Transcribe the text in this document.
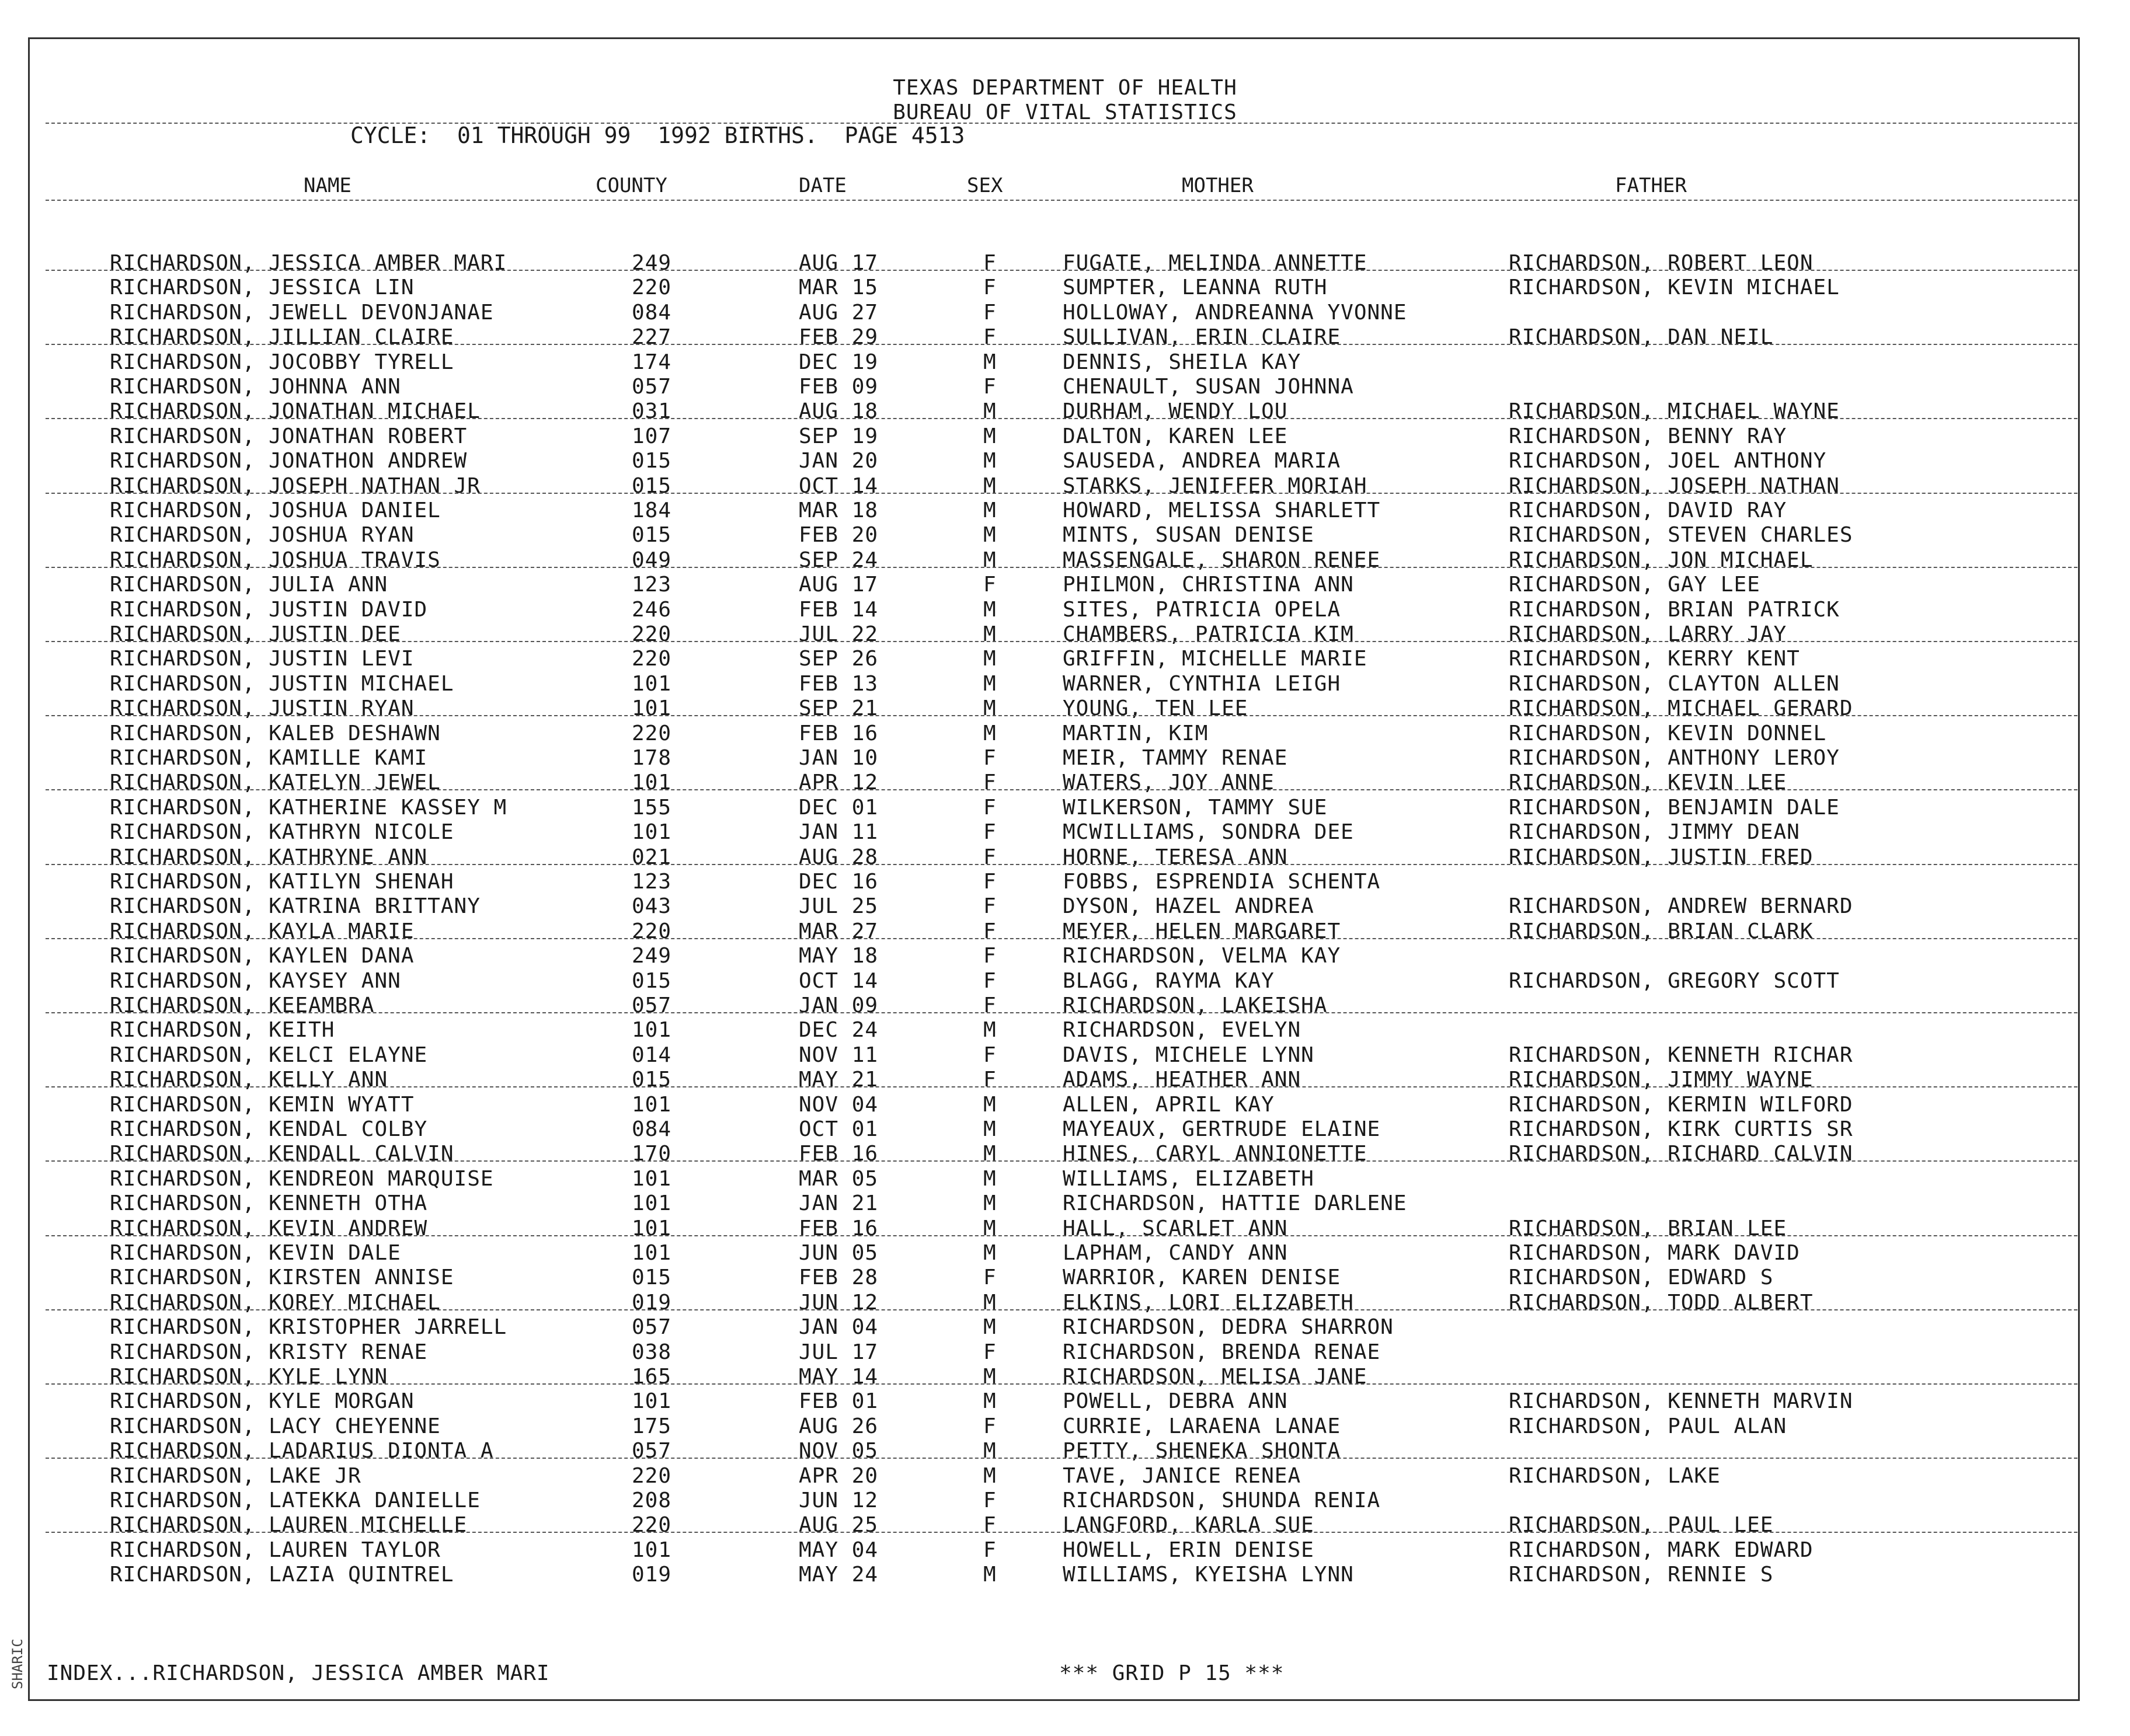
SHARIC
TEXAS DEPARTMENT OF HEALTH
BUREAU OF VITAL STATISTICS
CYCLE:  01 THROUGH 99  1992 BIRTHS.  PAGE 4513
NAME	COUNTY	DATE	SEX	MOTHER	FATHER
RICHARDSON, JESSICA AMBER MARI	249	AUG 17	F	FUGATE, MELINDA ANNETTE	RICHARDSON, ROBERT LEON
RICHARDSON, JESSICA LIN	220	MAR 15	F	SUMPTER, LEANNA RUTH	RICHARDSON, KEVIN MICHAEL
RICHARDSON, JEWELL DEVONJANAE	084	AUG 27	F	HOLLOWAY, ANDREANNA YVONNE
RICHARDSON, JILLIAN CLAIRE	227	FEB 29	F	SULLIVAN, ERIN CLAIRE	RICHARDSON, DAN NEIL
RICHARDSON, JOCOBBY TYRELL	174	DEC 19	M	DENNIS, SHEILA KAY
RICHARDSON, JOHNNA ANN	057	FEB 09	F	CHENAULT, SUSAN JOHNNA
RICHARDSON, JONATHAN MICHAEL	031	AUG 18	M	DURHAM, WENDY LOU	RICHARDSON, MICHAEL WAYNE
RICHARDSON, JONATHAN ROBERT	107	SEP 19	M	DALTON, KAREN LEE	RICHARDSON, BENNY RAY
RICHARDSON, JONATHON ANDREW	015	JAN 20	M	SAUSEDA, ANDREA MARIA	RICHARDSON, JOEL ANTHONY
RICHARDSON, JOSEPH NATHAN JR	015	OCT 14	M	STARKS, JENIFFER MORIAH	RICHARDSON, JOSEPH NATHAN
RICHARDSON, JOSHUA DANIEL	184	MAR 18	M	HOWARD, MELISSA SHARLETT	RICHARDSON, DAVID RAY
RICHARDSON, JOSHUA RYAN	015	FEB 20	M	MINTS, SUSAN DENISE	RICHARDSON, STEVEN CHARLES
RICHARDSON, JOSHUA TRAVIS	049	SEP 24	M	MASSENGALE, SHARON RENEE	RICHARDSON, JON MICHAEL
RICHARDSON, JULIA ANN	123	AUG 17	F	PHILMON, CHRISTINA ANN	RICHARDSON, GAY LEE
RICHARDSON, JUSTIN DAVID	246	FEB 14	M	SITES, PATRICIA OPELA	RICHARDSON, BRIAN PATRICK
RICHARDSON, JUSTIN DEE	220	JUL 22	M	CHAMBERS, PATRICIA KIM	RICHARDSON, LARRY JAY
RICHARDSON, JUSTIN LEVI	220	SEP 26	M	GRIFFIN, MICHELLE MARIE	RICHARDSON, KERRY KENT
RICHARDSON, JUSTIN MICHAEL	101	FEB 13	M	WARNER, CYNTHIA LEIGH	RICHARDSON, CLAYTON ALLEN
RICHARDSON, JUSTIN RYAN	101	SEP 21	M	YOUNG, TEN LEE	RICHARDSON, MICHAEL GERARD
RICHARDSON, KALEB DESHAWN	220	FEB 16	M	MARTIN, KIM	RICHARDSON, KEVIN DONNEL
RICHARDSON, KAMILLE KAMI	178	JAN 10	F	MEIR, TAMMY RENAE	RICHARDSON, ANTHONY LEROY
RICHARDSON, KATELYN JEWEL	101	APR 12	F	WATERS, JOY ANNE	RICHARDSON, KEVIN LEE
RICHARDSON, KATHERINE KASSEY M	155	DEC 01	F	WILKERSON, TAMMY SUE	RICHARDSON, BENJAMIN DALE
RICHARDSON, KATHRYN NICOLE	101	JAN 11	F	MCWILLIAMS, SONDRA DEE	RICHARDSON, JIMMY DEAN
RICHARDSON, KATHRYNE ANN	021	AUG 28	F	HORNE, TERESA ANN	RICHARDSON, JUSTIN FRED
RICHARDSON, KATILYN SHENAH	123	DEC 16	F	FOBBS, ESPRENDIA SCHENTA
RICHARDSON, KATRINA BRITTANY	043	JUL 25	F	DYSON, HAZEL ANDREA	RICHARDSON, ANDREW BERNARD
RICHARDSON, KAYLA MARIE	220	MAR 27	F	MEYER, HELEN MARGARET	RICHARDSON, BRIAN CLARK
RICHARDSON, KAYLEN DANA	249	MAY 18	F	RICHARDSON, VELMA KAY
RICHARDSON, KAYSEY ANN	015	OCT 14	F	BLAGG, RAYMA KAY	RICHARDSON, GREGORY SCOTT
RICHARDSON, KEEAMBRA	057	JAN 09	F	RICHARDSON, LAKEISHA
RICHARDSON, KEITH	101	DEC 24	M	RICHARDSON, EVELYN
RICHARDSON, KELCI ELAYNE	014	NOV 11	F	DAVIS, MICHELE LYNN	RICHARDSON, KENNETH RICHAR
RICHARDSON, KELLY ANN	015	MAY 21	F	ADAMS, HEATHER ANN	RICHARDSON, JIMMY WAYNE
RICHARDSON, KEMIN WYATT	101	NOV 04	M	ALLEN, APRIL KAY	RICHARDSON, KERMIN WILFORD
RICHARDSON, KENDAL COLBY	084	OCT 01	M	MAYEAUX, GERTRUDE ELAINE	RICHARDSON, KIRK CURTIS SR
RICHARDSON, KENDALL CALVIN	170	FEB 16	M	HINES, CARYL ANNIONETTE	RICHARDSON, RICHARD CALVIN
RICHARDSON, KENDREON MARQUISE	101	MAR 05	M	WILLIAMS, ELIZABETH
RICHARDSON, KENNETH OTHA	101	JAN 21	M	RICHARDSON, HATTIE DARLENE
RICHARDSON, KEVIN ANDREW	101	FEB 16	M	HALL, SCARLET ANN	RICHARDSON, BRIAN LEE
RICHARDSON, KEVIN DALE	101	JUN 05	M	LAPHAM, CANDY ANN	RICHARDSON, MARK DAVID
RICHARDSON, KIRSTEN ANNISE	015	FEB 28	F	WARRIOR, KAREN DENISE	RICHARDSON, EDWARD S
RICHARDSON, KOREY MICHAEL	019	JUN 12	M	ELKINS, LORI ELIZABETH	RICHARDSON, TODD ALBERT
RICHARDSON, KRISTOPHER JARRELL	057	JAN 04	M	RICHARDSON, DEDRA SHARRON
RICHARDSON, KRISTY RENAE	038	JUL 17	F	RICHARDSON, BRENDA RENAE
RICHARDSON, KYLE LYNN	165	MAY 14	M	RICHARDSON, MELISA JANE
RICHARDSON, KYLE MORGAN	101	FEB 01	M	POWELL, DEBRA ANN	RICHARDSON, KENNETH MARVIN
RICHARDSON, LACY CHEYENNE	175	AUG 26	F	CURRIE, LARAENA LANAE	RICHARDSON, PAUL ALAN
RICHARDSON, LADARIUS DIONTA A	057	NOV 05	M	PETTY, SHENEKA SHONTA
RICHARDSON, LAKE JR	220	APR 20	M	TAVE, JANICE RENEA	RICHARDSON, LAKE
RICHARDSON, LATEKKA DANIELLE	208	JUN 12	F	RICHARDSON, SHUNDA RENIA
RICHARDSON, LAUREN MICHELLE	220	AUG 25	F	LANGFORD, KARLA SUE	RICHARDSON, PAUL LEE
RICHARDSON, LAUREN TAYLOR	101	MAY 04	F	HOWELL, ERIN DENISE	RICHARDSON, MARK EDWARD
RICHARDSON, LAZIA QUINTREL	019	MAY 24	M	WILLIAMS, KYEISHA LYNN	RICHARDSON, RENNIE S
INDEX...RICHARDSON, JESSICA AMBER MARI	*** GRID P 15 ***
